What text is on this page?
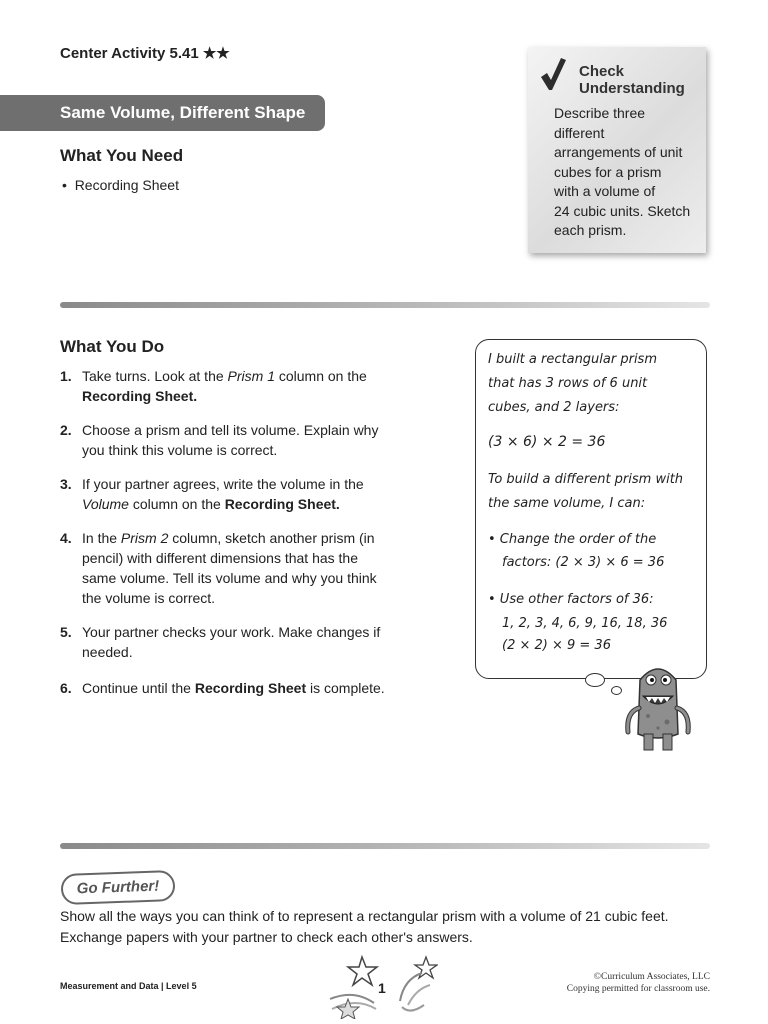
Center Activity 5.41 ★★
Same Volume, Different Shape
What You Need
•  Recording Sheet
Check
Understanding
Describe three
different
arrangements of unit
cubes for a prism
with a volume of
24 cubic units. Sketch
each prism.
What You Do
1. Take turns. Look at the Prism 1 column on the Recording Sheet.
2. Choose a prism and tell its volume. Explain why you think this volume is correct.
3. If your partner agrees, write the volume in the Volume column on the Recording Sheet.
4. In the Prism 2 column, sketch another prism (in pencil) with different dimensions that has the same volume. Tell its volume and why you think the volume is correct.
5. Your partner checks your work. Make changes if needed.
6. Continue until the Recording Sheet is complete.
I built a rectangular prism
that has 3 rows of 6 unit
cubes, and 2 layers:
(3 × 6) × 2 = 36
To build a different prism with
the same volume, I can:
• Change the order of the
factors: (2 × 3) × 6 = 36
• Use other factors of 36:
1, 2, 3, 4, 6, 9, 16, 18, 36
(2 × 2) × 9 = 36
Go Further!
Show all the ways you can think of to represent a rectangular prism with a volume of 21 cubic feet. Exchange papers with your partner to check each other's answers.
Measurement and Data | Level 5	1
©Curriculum Associates, LLC
Copying permitted for classroom use.
